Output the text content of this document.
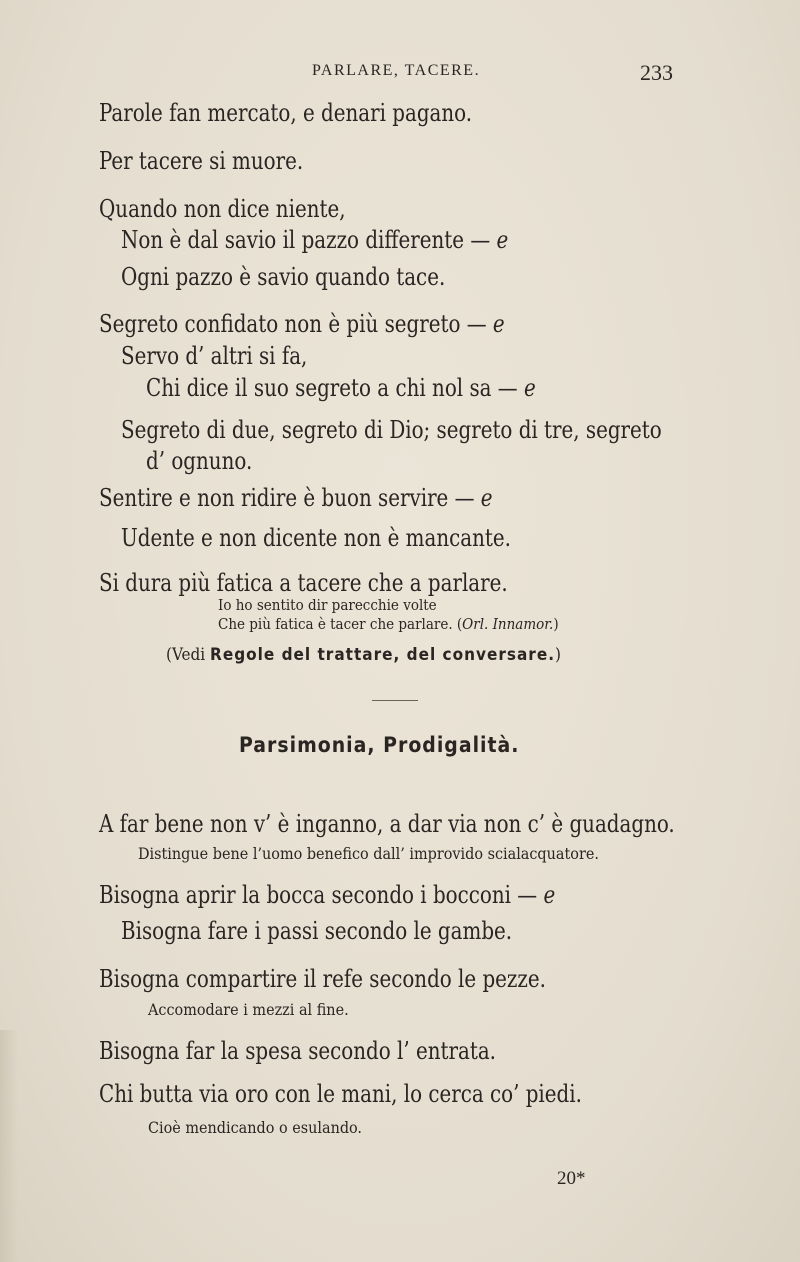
PARLARE, TACERE.	233
Parole fan mercato, e denari pagano.
Per tacere si muore.
Quando non dice niente,
Non è dal savio il pazzo differente — e
Ogni pazzo è savio quando tace.
Segreto confidato non è più segreto — e
Servo d’ altri si fa,
Chi dice il suo segreto a chi nol sa — e
Segreto di due, segreto di Dio; segreto di tre, segreto
d’ ognuno.
Sentire e non ridire è buon servire — e
Udente e non dicente non è mancante.
Si dura più fatica a tacere che a parlare.
Io ho sentito dir parecchie volte
Che più fatica è tacer che parlare. (Orl. Innamor.)
(Vedi Regole del trattare, del conversare.)
Parsimonia, Prodigalità.
A far bene non v’ è inganno, a dar via non c’ è guadagno.
Distingue bene l’uomo benefico dall’ improvido scialacquatore.
Bisogna aprir la bocca secondo i bocconi — e
Bisogna fare i passi secondo le gambe.
Bisogna compartire il refe secondo le pezze.
Accomodare i mezzi al fine.
Bisogna far la spesa secondo l’ entrata.
Chi butta via oro con le mani, lo cerca co’ piedi.
Cioè mendicando o esulando.
20*
